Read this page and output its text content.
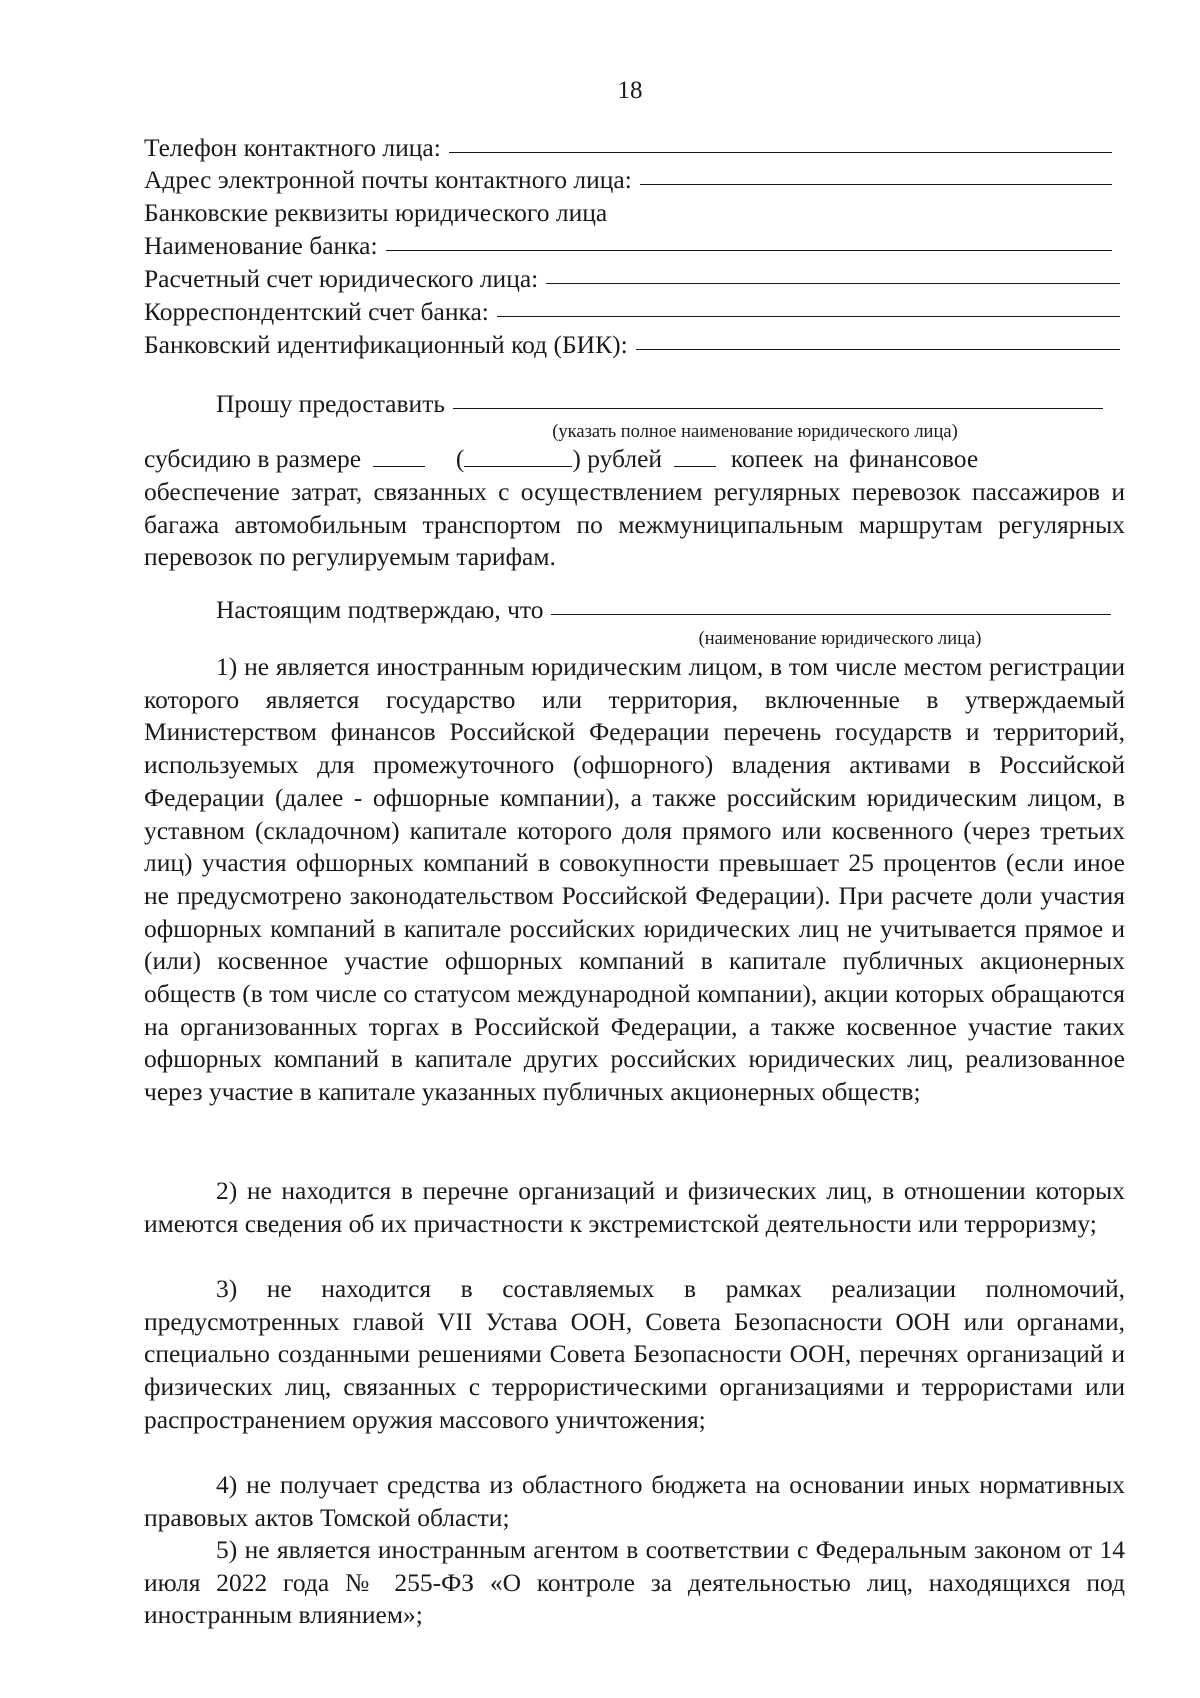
18
Телефон контактного лица:
Адрес электронной почты контактного лица:
Банковские реквизиты юридического лица
Наименование банка:
Расчетный счет юридического лица:
Корреспондентский счет банка:
Банковский идентификационный код (БИК):
Прошу предоставить
(указать полное наименование юридического лица)
субсидию в размере	(	) рублей	копеек на финансовое

обеспечение затрат, связанных с осуществлением регулярных перевозок пассажиров и багажа автомобильным транспортом по межмуниципальным маршрутам регулярных перевозок по регулируемым тарифам.

Настоящим подтверждаю, что
(наименование юридического лица)

1) не является иностранным юридическим лицом, в том числе местом регистрации которого является государство или территория, включенные в утверждаемый Министерством финансов Российской Федерации перечень государств и территорий, используемых для промежуточного (офшорного) владения активами в Российской Федерации (далее - офшорные компании), а также российским юридическим лицом, в уставном (складочном) капитале которого доля прямого или косвенного (через третьих лиц) участия офшорных компаний в совокупности превышает 25 процентов (если иное не предусмотрено законодательством Российской Федерации). При расчете доли участия офшорных компаний в капитале российских юридических лиц не учитывается прямое и (или) косвенное участие офшорных компаний в капитале публичных акционерных обществ (в том числе со статусом международной компании), акции которых обращаются на организованных торгах в Российской Федерации, а также косвенное участие таких офшорных компаний в капитале других российских юридических лиц, реализованное через участие в капитале указанных публичных акционерных обществ;

2) не находится в перечне организаций и физических лиц, в отношении которых имеются сведения об их причастности к экстремистской деятельности или терроризму;

3) не находится в составляемых в рамках реализации полномочий, предусмотренных главой VII Устава ООН, Совета Безопасности ООН или органами, специально созданными решениями Совета Безопасности ООН, перечнях организаций и физических лиц, связанных с террористическими организациями и террористами или распространением оружия массового уничтожения;

4) не получает средства из областного бюджета на основании иных нормативных правовых актов Томской области;

5) не является иностранным агентом в соответствии с Федеральным законом от 14 июля 2022 года № 255-ФЗ «О контроле за деятельностью лиц, находящихся под иностранным влиянием»;
